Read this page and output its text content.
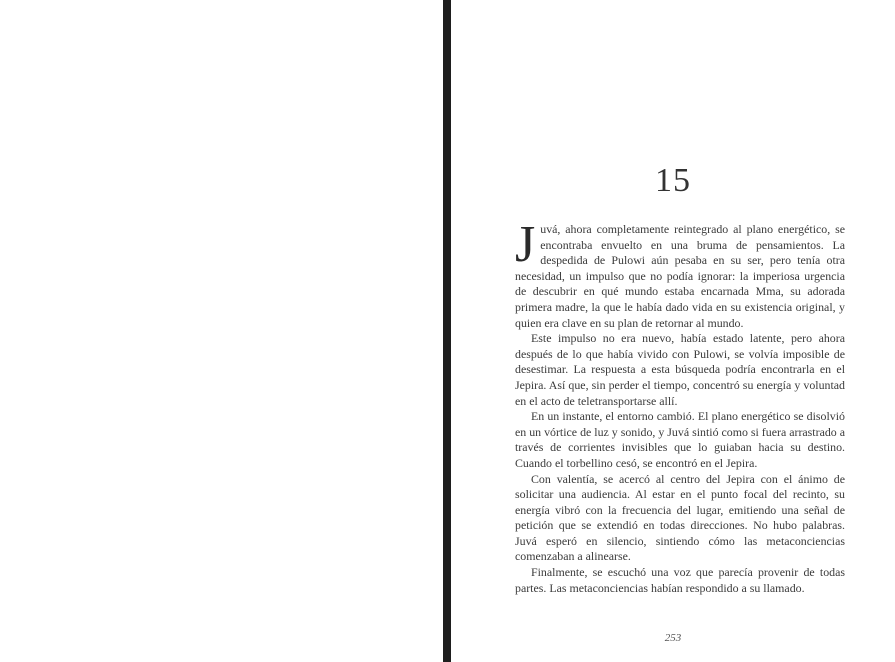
15

Juvá, ahora completamente reintegrado al plano energético, se encontraba envuelto en una bruma de pensamientos. La despedida de Pulowi aún pesaba en su ser, pero tenía otra necesidad, un impulso que no podía ignorar: la imperiosa urgencia de descubrir en qué mundo estaba encarnada Mma, su adorada primera madre, la que le había dado vida en su existencia original, y quien era clave en su plan de retornar al mundo.

Este impulso no era nuevo, había estado latente, pero ahora después de lo que había vivido con Pulowi, se volvía imposible de desestimar. La respuesta a esta búsqueda podría encontrarla en el Jepira. Así que, sin perder el tiempo, concentró su energía y voluntad en el acto de teletransportarse allí.

En un instante, el entorno cambió. El plano energético se disolvió en un vórtice de luz y sonido, y Juvá sintió como si fuera arrastrado a través de corrientes invisibles que lo guiaban hacia su destino. Cuando el torbellino cesó, se encontró en el Jepira.

Con valentía, se acercó al centro del Jepira con el ánimo de solicitar una audiencia. Al estar en el punto focal del recinto, su energía vibró con la frecuencia del lugar, emitiendo una señal de petición que se extendió en todas direcciones. No hubo palabras. Juvá esperó en silencio, sintiendo cómo las metaconciencias comenzaban a alinearse.

Finalmente, se escuchó una voz que parecía provenir de todas partes. Las metaconciencias habían respondido a su llamado.

253
